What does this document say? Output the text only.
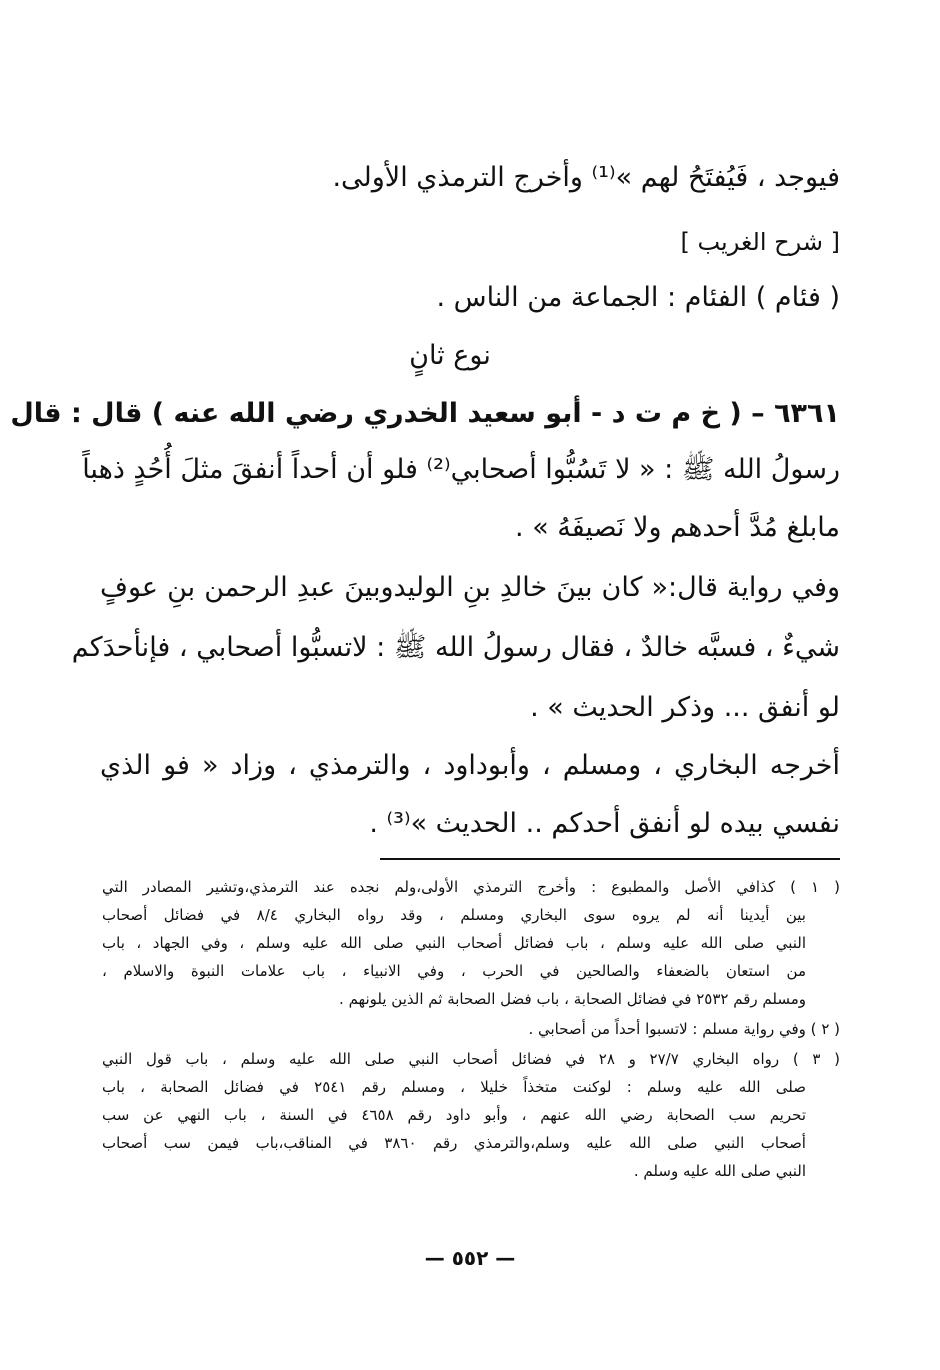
فيوجد ، فَيُفتَحُ لهم »⁽¹⁾ وأخرج الترمذي الأولى.
[ شرح الغريب ]
( فئام ) الفئام : الجماعة من الناس .
نوع ثانٍ
٦٣٦١ – ( خ م ت د - أبو سعيد الخدري رضي الله عنه ) قال : قال
رسولُ الله ﷺ : « لا تَسُبُّوا أصحابي⁽²⁾ فلو أن أحداً أنفقَ مثلَ أُحُدٍ ذهباً
مابلغ مُدَّ أحدهم ولا نَصيفَهُ » .
وفي رواية قال:« كان بينَ خالدِ بنِ الوليدوبينَ عبدِ الرحمن بنِ عوفٍ
شيءٌ ، فسبَّه خالدٌ ، فقال رسولُ الله ﷺ : لاتسبُّوا أصحابي ، فإنأحدَكم
لو أنفق ... وذكر الحديث » .
أخرجه البخاري ، ومسلم ، وأبوداود ، والترمذي ، وزاد « فو الذي
نفسي بيده لو أنفق أحدكم .. الحديث »⁽³⁾ .
( ١ ) كذافي الأصل والمطبوع : وأخرج الترمذي الأولى،ولم نجده عند الترمذي،وتشير المصادر التي
بين أيدينا أنه لم يروه سوى البخاري ومسلم ، وقد رواه البخاري ٨/٤ في فضائل أصحاب
النبي صلى الله عليه وسلم ، باب فضائل أصحاب النبي صلى الله عليه وسلم ، وفي الجهاد ، باب
من استعان بالضعفاء والصالحين في الحرب ، وفي الانبياء ، باب علامات النبوة والاسلام ،
ومسلم رقم ٢٥٣٢ في فضائل الصحابة ، باب فضل الصحابة ثم الذين يلونهم .
( ٢ ) وفي رواية مسلم : لاتسبوا أحداً من أصحابي .
( ٣ ) رواه البخاري ٢٧/٧ و ٢٨ في فضائل أصحاب النبي صلى الله عليه وسلم ، باب قول النبي
صلى الله عليه وسلم : لوكنت متخذاً خليلا ، ومسلم رقم ٢٥٤١ في فضائل الصحابة ، باب
تحريم سب الصحابة رضي الله عنهم ، وأبو داود رقم ٤٦٥٨ في السنة ، باب النهي عن سب
أصحاب النبي صلى الله عليه وسلم،والترمذي رقم ٣٨٦٠ في المناقب،باب فيمن سب أصحاب
النبي صلى الله عليه وسلم .
— ٥٥٢ —
